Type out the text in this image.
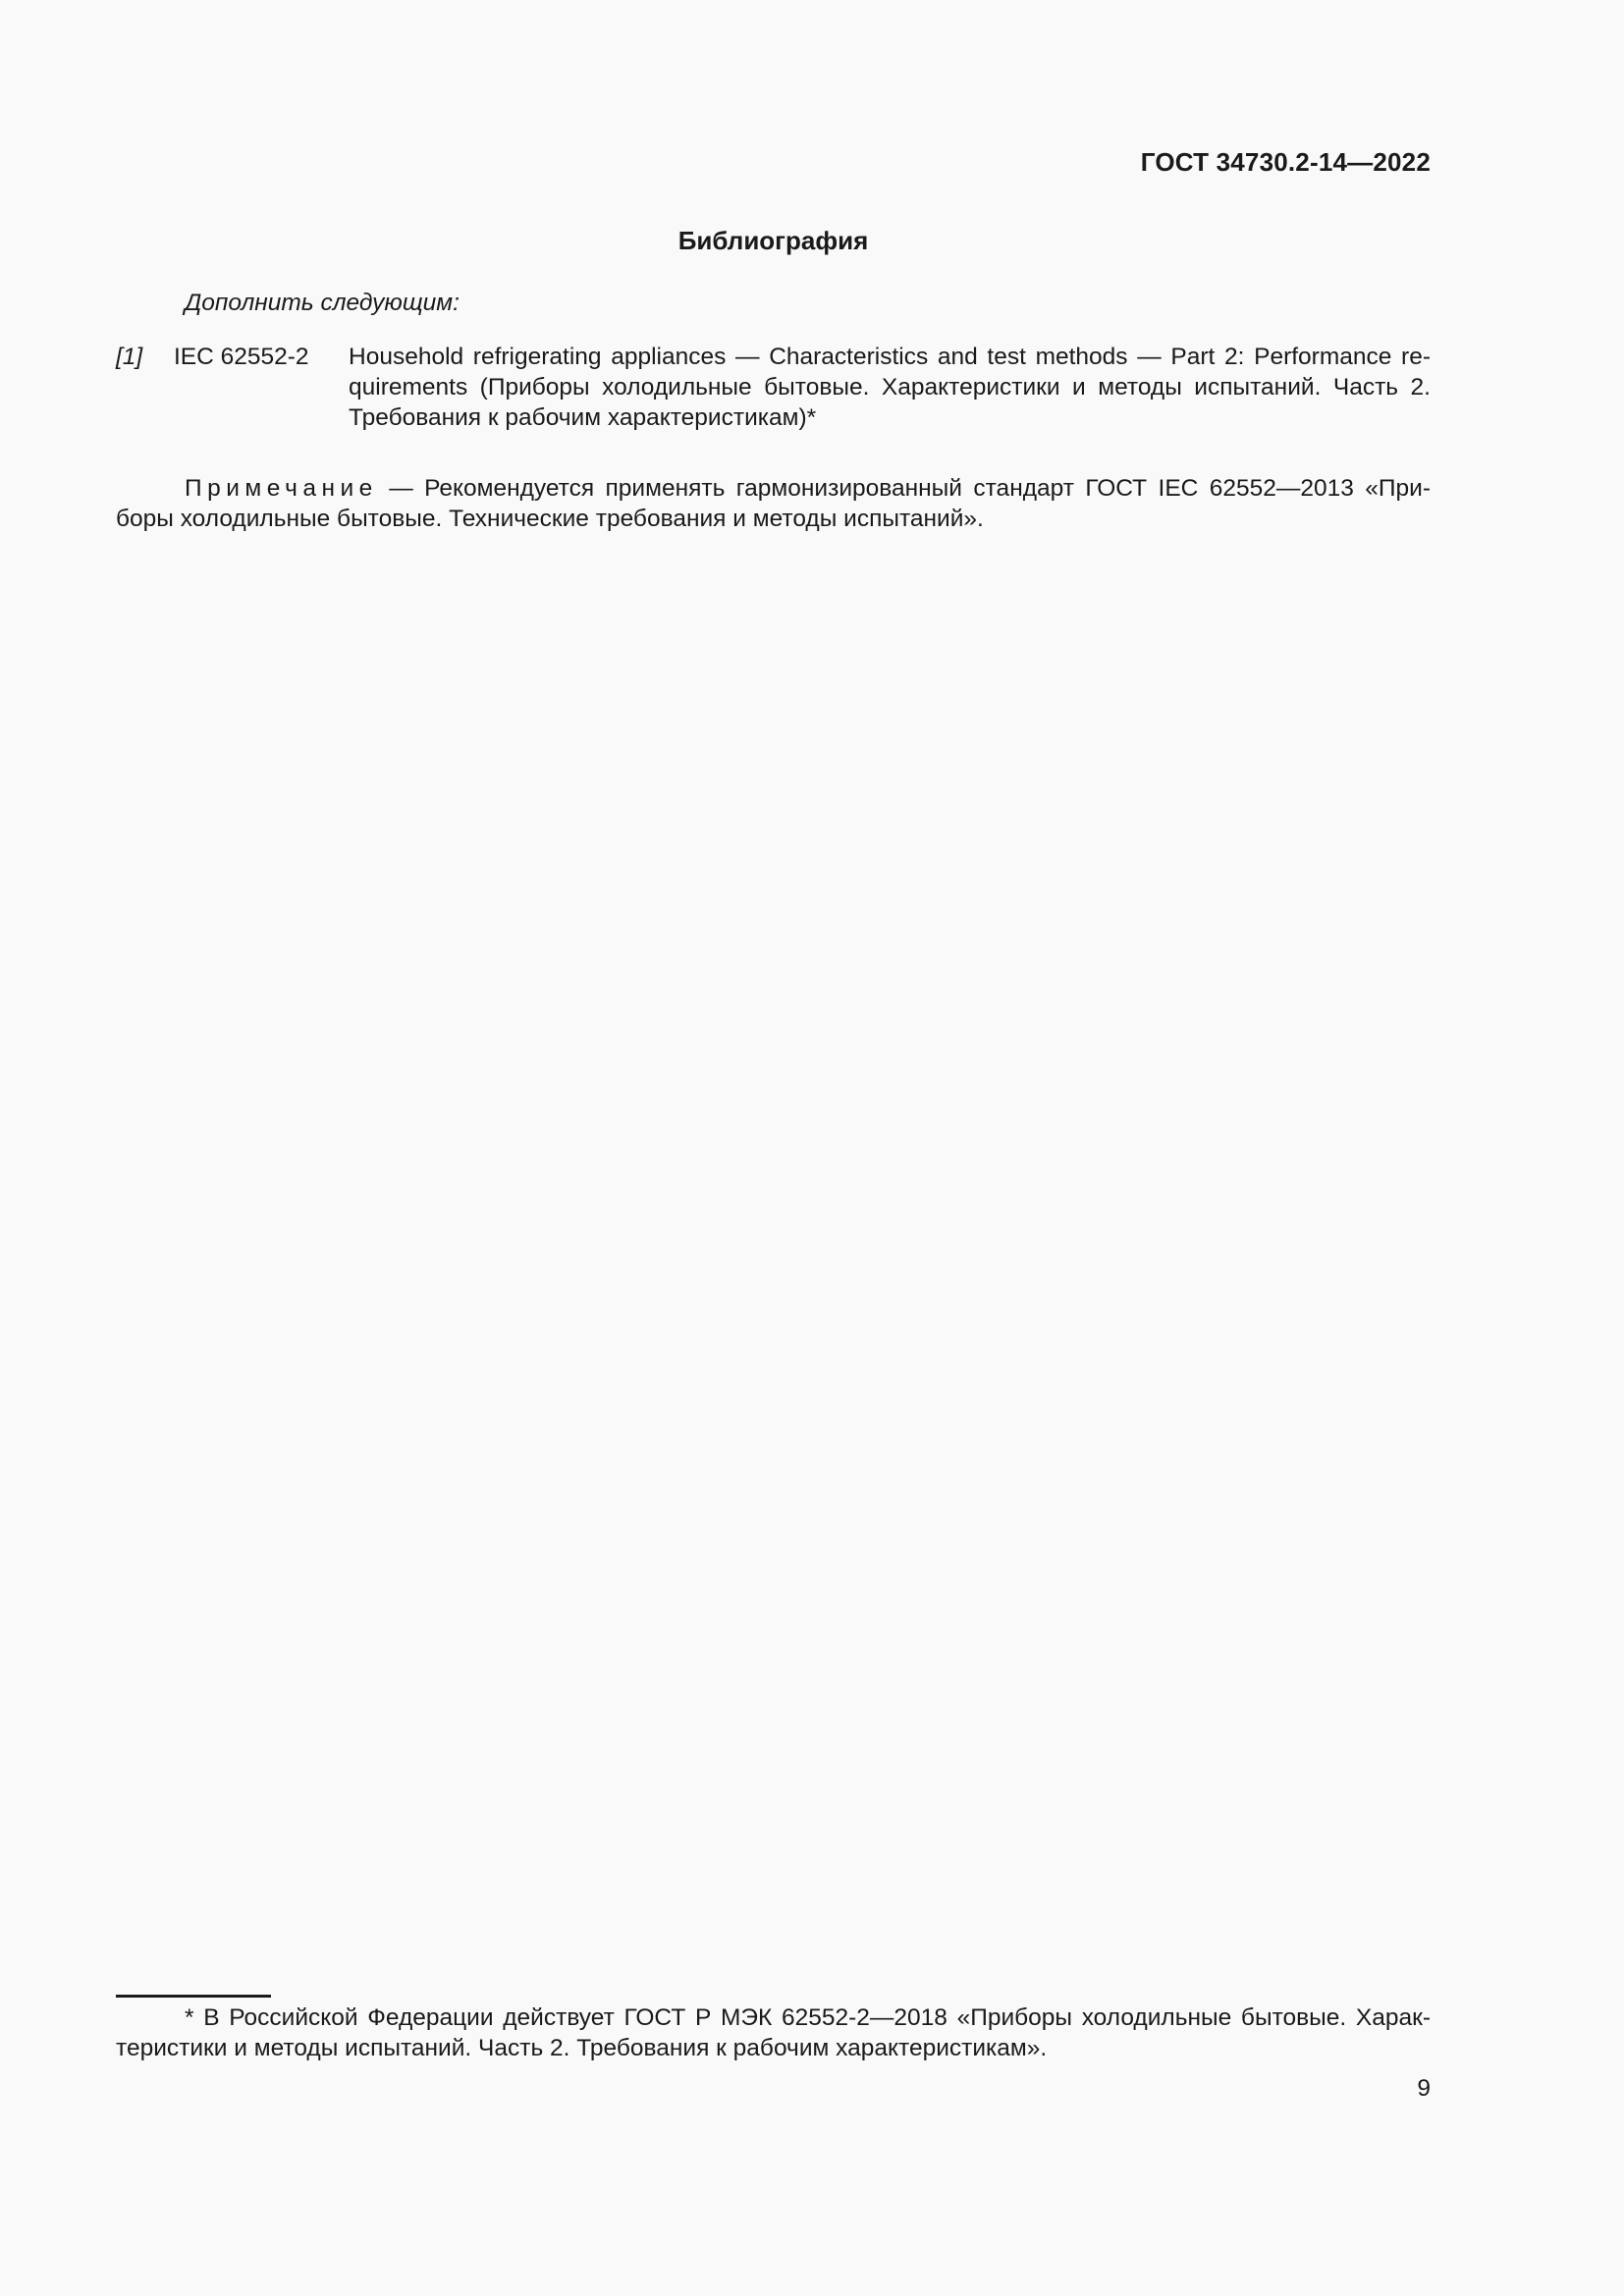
ГОСТ 34730.2-14—2022
Библиография
Дополнить следующим:
[1] IEC 62552-2 Household refrigerating appliances — Characteristics and test methods — Part 2: Performance requirements (Приборы холодильные бытовые. Характеристики и методы испытаний. Часть 2. Требования к рабочим характеристикам)*
Примечание — Рекомендуется применять гармонизированный стандарт ГОСТ IEC 62552—2013 «Приборы холодильные бытовые. Технические требования и методы испытаний».
* В Российской Федерации действует ГОСТ Р МЭК 62552-2—2018 «Приборы холодильные бытовые. Характеристики и методы испытаний. Часть 2. Требования к рабочим характеристикам».
9
